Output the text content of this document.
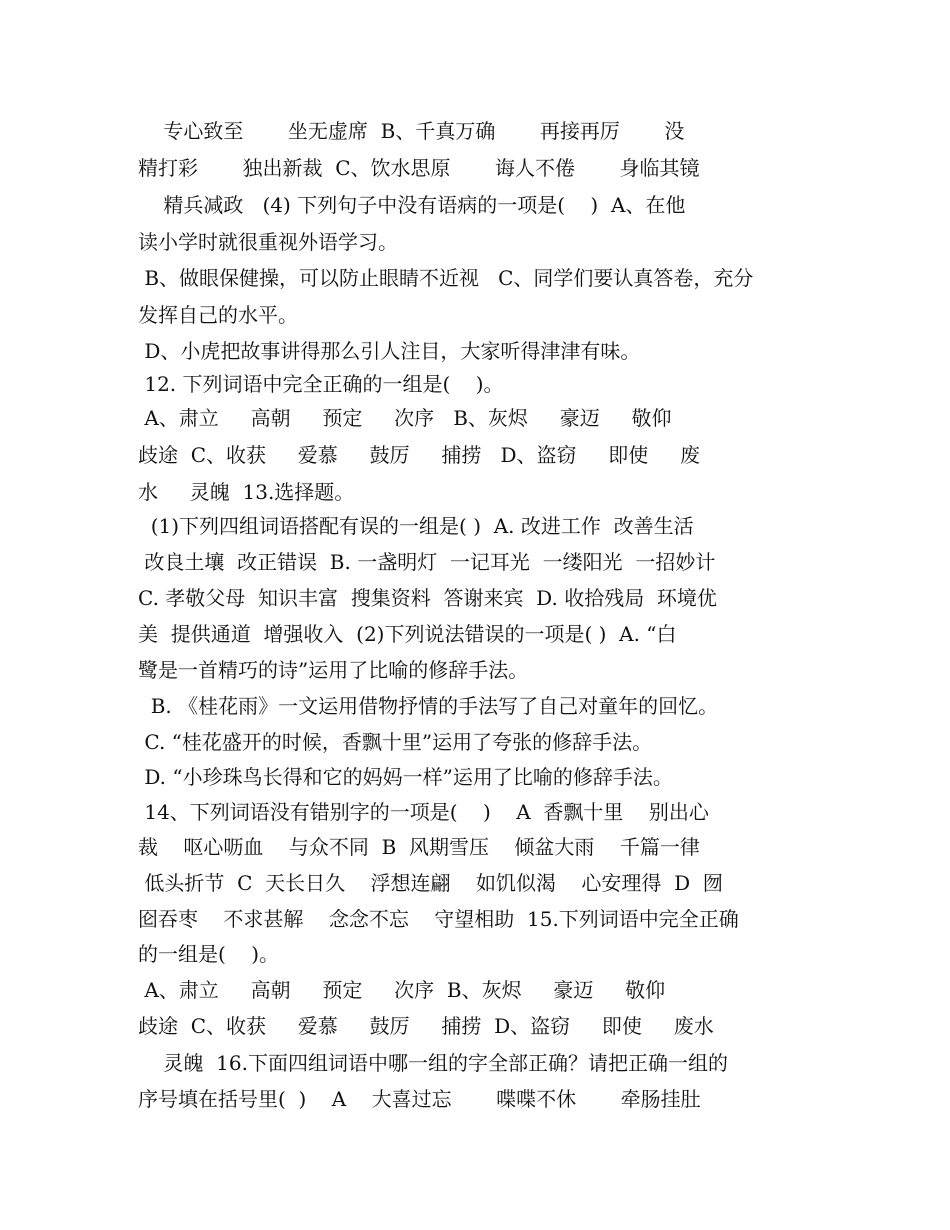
专心致至       坐无虚席  B、千真万确       再接再厉       没
精打彩       独出新裁  C、饮水思原       诲人不倦       身临其镜
精兵减政   (4) 下列句子中没有语病的一项是(    )  A、在他
读小学时就很重视外语学习。
B、做眼保健操，可以防止眼睛不近视   C、同学们要认真答卷，充分
发挥自己的水平。
D、小虎把故事讲得那么引人注目，大家听得津津有味。
12. 下列词语中完全正确的一组是(    )。
A、肃立     高朝     预定     次序   B、灰烬     豪迈     敬仰
歧途  C、收获     爱慕     鼓厉     捕捞   D、盗窃     即使     废
水     灵魄  13.选择题。
(1)下列四组词语搭配有误的一组是( )  A. 改进工作  改善生活
改良土壤  改正错误  B. 一盏明灯  一记耳光  一缕阳光  一招妙计
C. 孝敬父母  知识丰富  搜集资料  答谢来宾  D. 收拾残局  环境优
美  提供通道  增强收入  (2)下列说法错误的一项是( )  A. “白
鹭是一首精巧的诗”运用了比喻的修辞手法。
B. 《桂花雨》一文运用借物抒情的手法写了自己对童年的回忆。
C. “桂花盛开的时候，香飘十里”运用了夸张的修辞手法。
D. “小珍珠鸟长得和它的妈妈一样”运用了比喻的修辞手法。
14、下列词语没有错别字的一项是(    )    A  香飘十里    别出心
裁    呕心呖血    与众不同  B  风期雪压    倾盆大雨    千篇一律
低头折节  C  天长日久    浮想连翩    如饥似渴    心安理得  D  囫
囵吞枣    不求甚解    念念不忘    守望相助  15.下列词语中完全正确
的一组是(    )。
A、肃立     高朝     预定     次序  B、灰烬     豪迈     敬仰
歧途  C、收获     爱慕     鼓厉     捕捞  D、盗窃     即使     废水
灵魄  16.下面四组词语中哪一组的字全部正确？请把正确一组的
序号填在括号里(  )    A    大喜过忘       喋喋不休       牵肠挂肚
